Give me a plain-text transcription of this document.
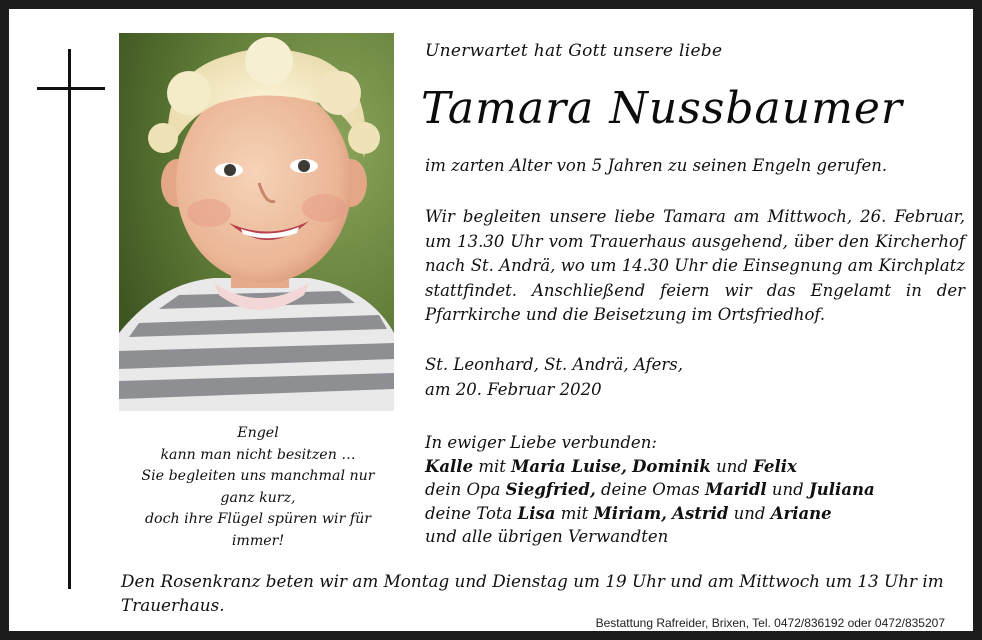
Unerwartet hat Gott unsere liebe
Tamara Nussbaumer
im zarten Alter von 5 Jahren zu seinen Engeln gerufen.
Wir begleiten unsere liebe Tamara am Mittwoch, 26. Februar, um 13.30 Uhr vom Trauerhaus ausgehend, über den Kircherhof nach St. Andrä, wo um 14.30 Uhr die Einsegnung am Kirchplatz stattfindet. Anschließend feiern wir das Engelamt in der Pfarrkirche und die Beisetzung im Ortsfriedhof.
St. Leonhard, St. Andrä, Afers,
am 20. Februar 2020
Engel
kann man nicht besitzen …
Sie begleiten uns manchmal nur
ganz kurz,
doch ihre Flügel spüren wir für
immer!
In ewiger Liebe verbunden:
Kalle mit Maria Luise, Dominik und Felix
dein Opa Siegfried, deine Omas Maridl und Juliana
deine Tota Lisa mit Miriam, Astrid und Ariane
und alle übrigen Verwandten
Den Rosenkranz beten wir am Montag und Dienstag um 19 Uhr und am Mittwoch um 13 Uhr im Trauerhaus.
Bestattung Rafreider, Brixen, Tel. 0472/836192 oder 0472/835207
